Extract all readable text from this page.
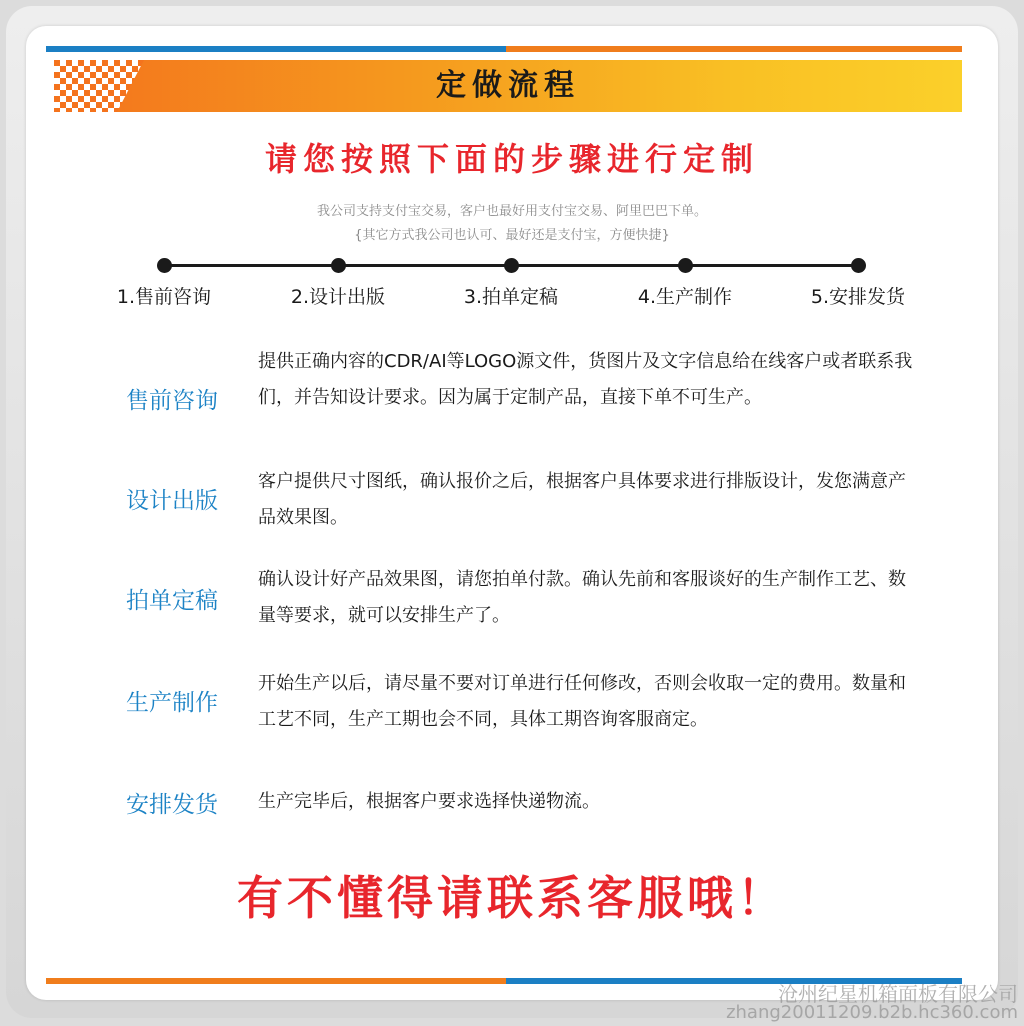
定做流程
请您按照下面的步骤进行定制
我公司支持支付宝交易，客户也最好用支付宝交易、阿里巴巴下单。
{其它方式我公司也认可、最好还是支付宝，方便快捷}
1.售前咨询	2.设计出版	3.拍单定稿	4.生产制作	5.安排发货
售前咨询
提供正确内容的CDR/AI等LOGO源文件，货图片及文字信息给在线客户或者联系我们，并告知设计要求。因为属于定制产品，直接下单不可生产。
设计出版
客户提供尺寸图纸，确认报价之后，根据客户具体要求进行排版设计，发您满意产品效果图。
拍单定稿
确认设计好产品效果图，请您拍单付款。确认先前和客服谈好的生产制作工艺、数量等要求，就可以安排生产了。
生产制作
开始生产以后，请尽量不要对订单进行任何修改，否则会收取一定的费用。数量和工艺不同，生产工期也会不同，具体工期咨询客服商定。
安排发货	生产完毕后，根据客户要求选择快递物流。
有不懂得请联系客服哦！
沧州纪星机箱面板有限公司
zhang20011209.b2b.hc360.com
